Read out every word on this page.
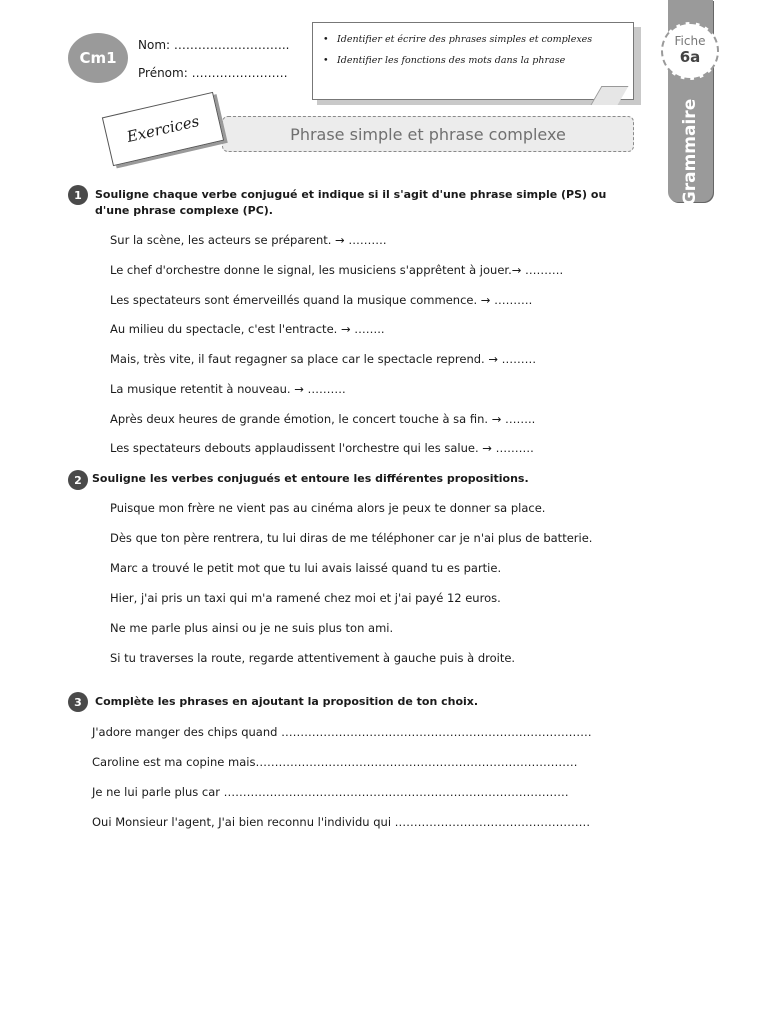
Cm1
Nom: ………………………..
Prénom: ……………………
• Identifier et écrire des phrases simples et complexes
• Identifier les fonctions des mots dans la phrase
Fiche
6a
Grammaire
Phrase simple et phrase complexe
Exercices
1	Souligne chaque verbe conjugué et indique si il s'agit d'une phrase simple (PS) ou
d'une phrase complexe (PC).
Sur la scène, les acteurs se préparent. → ……….
Le chef d'orchestre donne le signal, les musiciens s'apprêtent à jouer.→ ……….
Les spectateurs sont émerveillés quand la musique commence. → ……….
Au milieu du spectacle, c'est l'entracte. → ……..
Mais, très vite, il faut regagner sa place car le spectacle reprend. → ………
La musique retentit à nouveau. → ……….
Après deux heures de grande émotion, le concert touche à sa fin. → ……..
Les spectateurs debouts applaudissent l'orchestre qui les salue. → ……….
2 Souligne les verbes conjugués et entoure les différentes propositions.
Puisque mon frère ne vient pas au cinéma alors je peux te donner sa place.
Dès que ton père rentrera, tu lui diras de me téléphoner car je n'ai plus de batterie.
Marc a trouvé le petit mot que tu lui avais laissé quand tu es partie.
Hier, j'ai pris un taxi qui m'a ramené chez moi et j'ai payé 12 euros.
Ne me parle plus ainsi ou je ne suis plus ton ami.
Si tu traverses la route, regarde attentivement à gauche puis à droite.
3	Complète les phrases en ajoutant la proposition de ton choix.
J'adore manger des chips quand ………………………………………………………………………
Caroline est ma copine mais…………………………………………………………………………
Je ne lui parle plus car ………………………………………………………………………………
Oui Monsieur l'agent, J'ai bien reconnu l'individu qui ……………………………………………
